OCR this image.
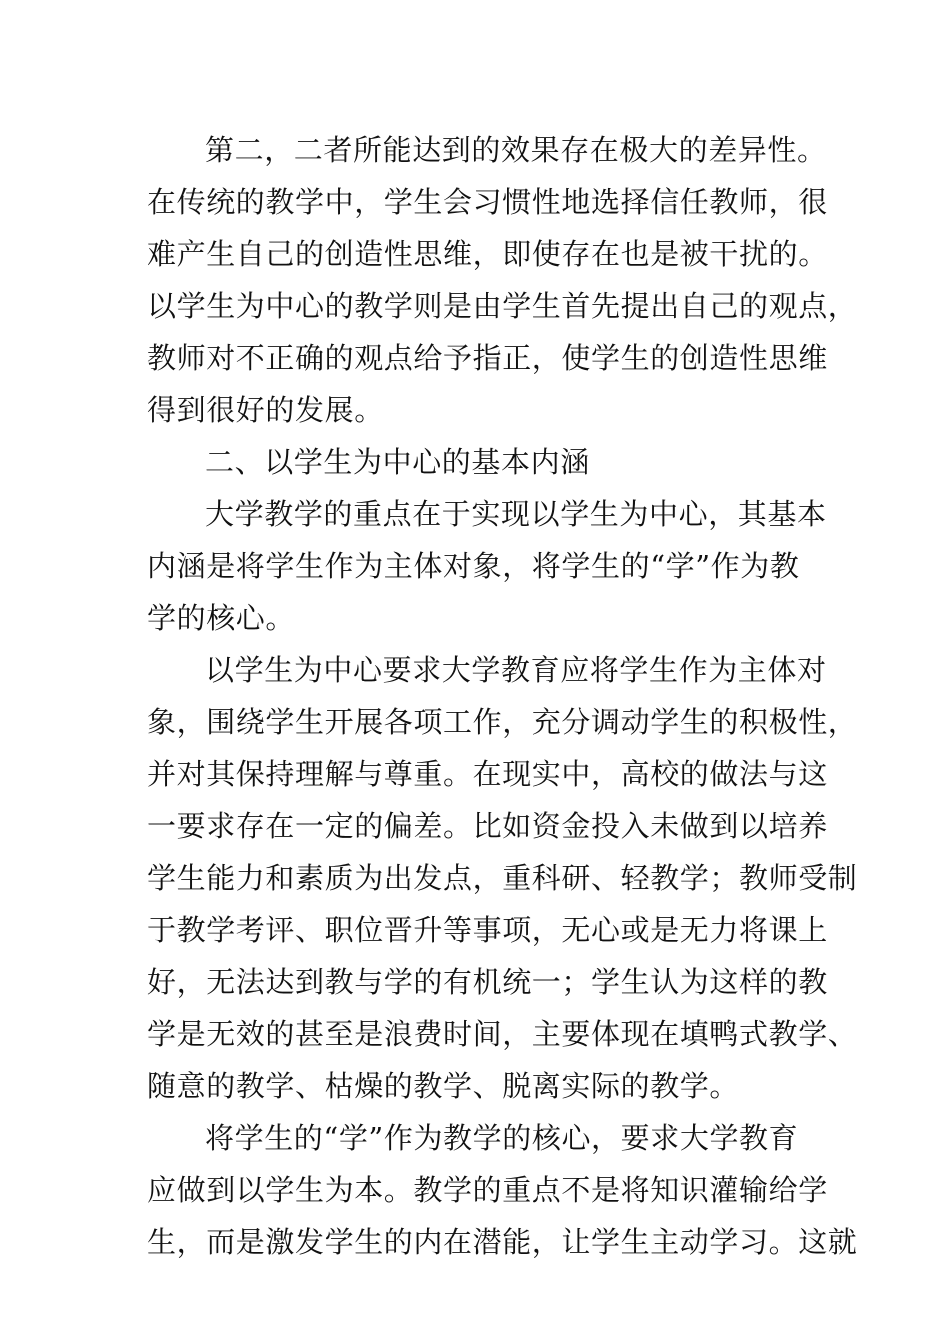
第二，二者所能达到的效果存在极大的差异性。
在传统的教学中，学生会习惯性地选择信任教师，很
难产生自己的创造性思维，即使存在也是被干扰的。
以学生为中心的教学则是由学生首先提出自己的观点，
教师对不正确的观点给予指正，使学生的创造性思维
得到很好的发展。
二、以学生为中心的基本内涵
大学教学的重点在于实现以学生为中心，其基本
内涵是将学生作为主体对象，将学生的“学”作为教
学的核心。
以学生为中心要求大学教育应将学生作为主体对
象，围绕学生开展各项工作，充分调动学生的积极性，
并对其保持理解与尊重。在现实中，高校的做法与这
一要求存在一定的偏差。比如资金投入未做到以培养
学生能力和素质为出发点，重科研、轻教学；教师受制
于教学考评、职位晋升等事项，无心或是无力将课上
好，无法达到教与学的有机统一；学生认为这样的教
学是无效的甚至是浪费时间，主要体现在填鸭式教学、
随意的教学、枯燥的教学、脱离实际的教学。
将学生的“学”作为教学的核心，要求大学教育
应做到以学生为本。教学的重点不是将知识灌输给学
生，而是激发学生的内在潜能，让学生主动学习。这就
